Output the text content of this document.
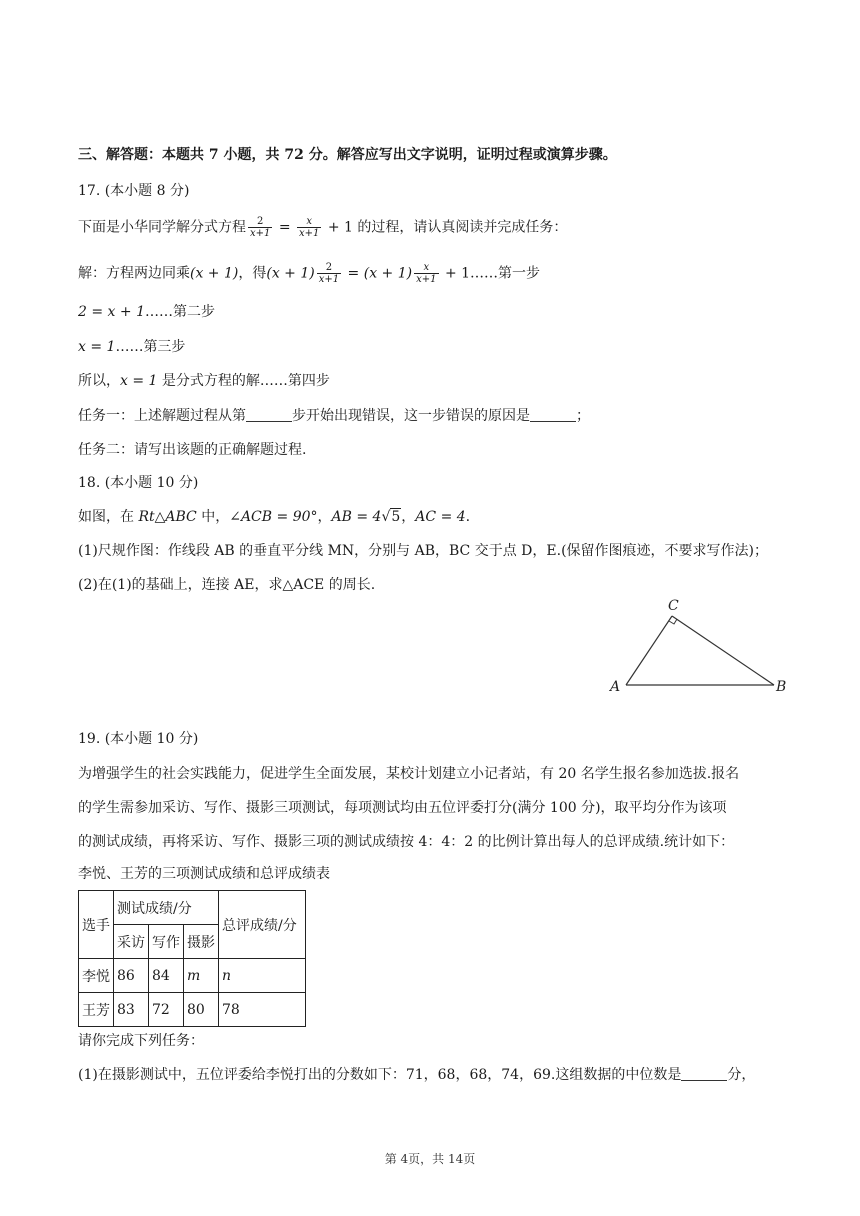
三、解答题：本题共 7 小题，共 72 分。解答应写出文字说明，证明过程或演算步骤。
17. (本小题 8 分)
下面是小华同学解分式方程 $\frac{2}{x+1} = \frac{x}{x+1} + 1$ 的过程，请认真阅读并完成任务：
解：方程两边同乘(x + 1)，得$(x + 1) \frac{2}{x+1} = (x + 1) \frac{x}{x+1}$ + 1……第一步
2 = x + 1……第二步
x = 1……第三步
所以，x = 1 是分式方程的解……第四步
任务一：上述解题过程从第	步开始出现错误，这一步错误的原因是	；
任务二：请写出该题的正确解题过程.
18. (本小题 10 分)
如图，在 Rt△ABC 中，∠ACB = 90°，AB = 4√5，AC = 4.
(1)尺规作图：作线段 AB 的垂直平分线 MN，分别与 AB，BC 交于点 D，E.(保留作图痕迹，不要求写作法)；
(2)在(1)的基础上，连接 AE，求△ACE 的周长.
A	B
C
19. (本小题 10 分)
为增强学生的社会实践能力，促进学生全面发展，某校计划建立小记者站，有 20 名学生报名参加选拔.报名
的学生需参加采访、写作、摄影三项测试，每项测试均由五位评委打分(满分 100 分)，取平均分作为该项
的测试成绩，再将采访、写作、摄影三项的测试成绩按 4：4：2 的比例计算出每人的总评成绩.统计如下：
李悦、王芳的三项测试成绩和总评成绩表
选手	测试成绩/分			总评成绩/分
	采访	写作	摄影	
李悦	86	84	m	n
王芳	83	72	80	78
请你完成下列任务：
(1)在摄影测试中，五位评委给李悦打出的分数如下：71，68，68，74，69.这组数据的中位数是	分，
第 4页，共 14页
